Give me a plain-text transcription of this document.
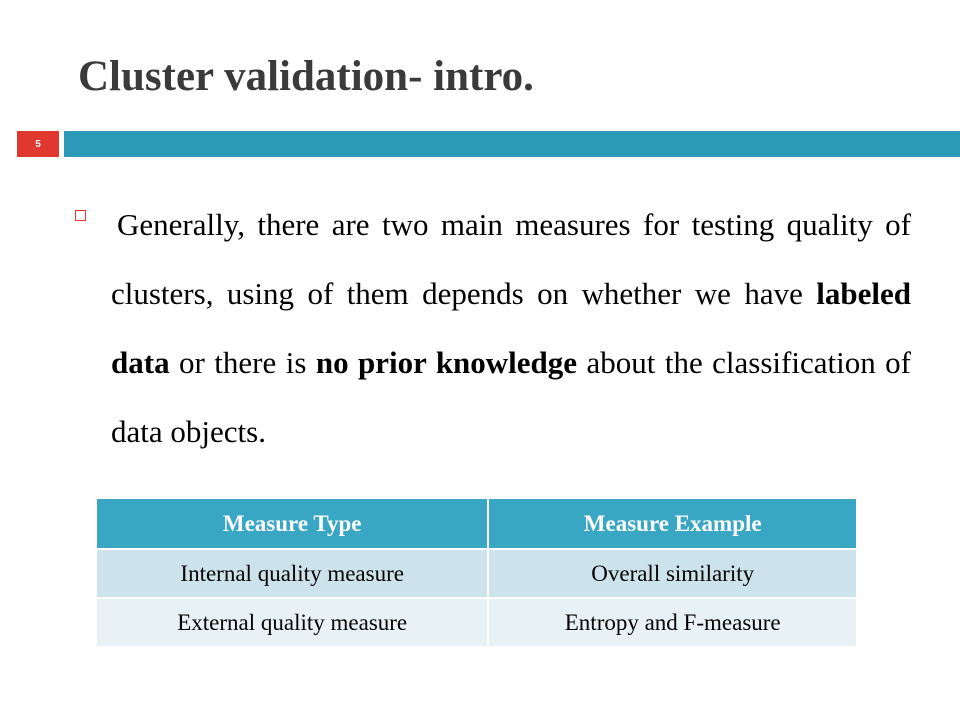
Cluster validation- intro.
5
Generally, there are two main measures for testing quality of clusters, using of them depends on whether we have labeled data or there is no prior knowledge about the classification of data objects.
Measure Type	Measure Example
Internal quality measure	Overall similarity
External quality measure	Entropy and F-measure
